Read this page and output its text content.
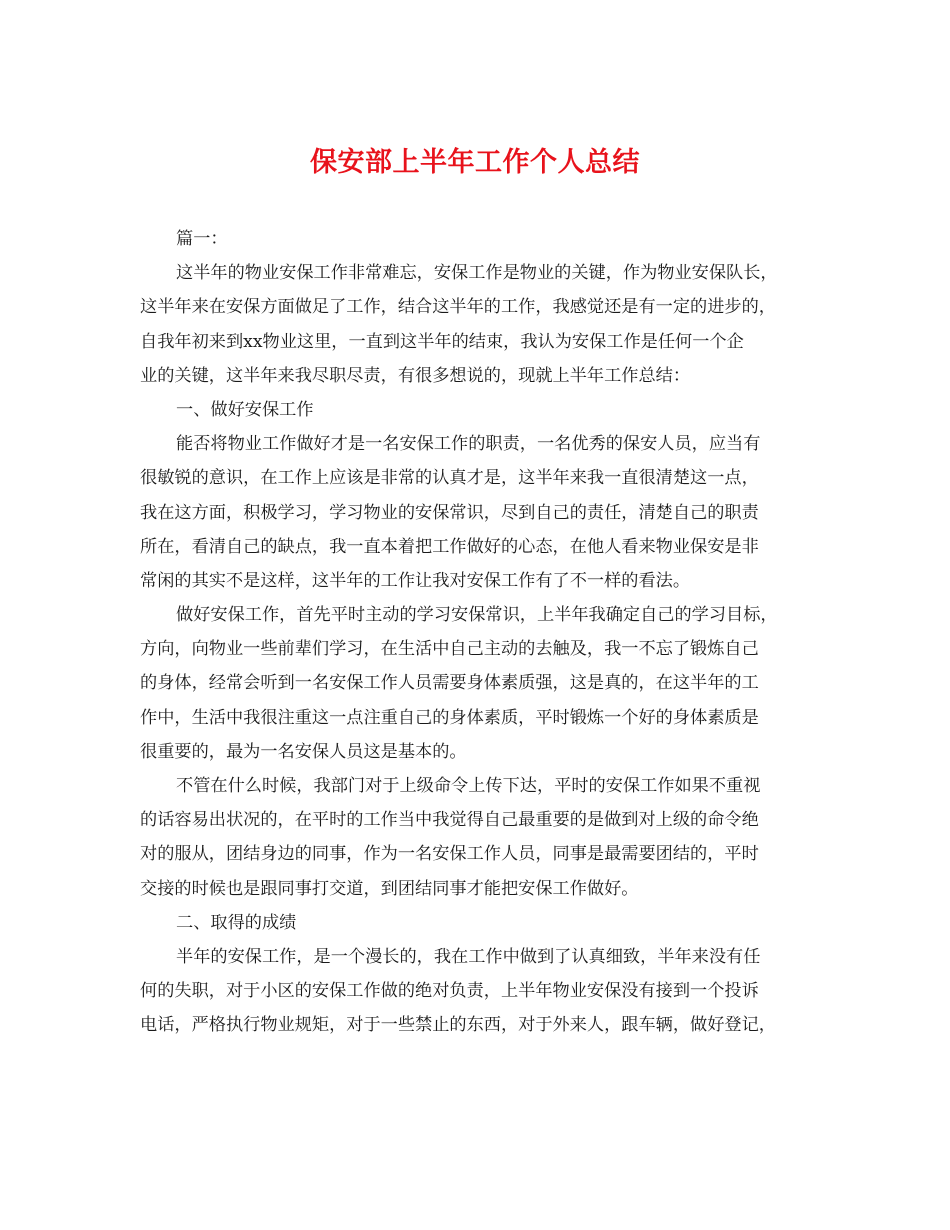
保安部上半年工作个人总结
篇一：
这半年的物业安保工作非常难忘，安保工作是物业的关键，作为物业安保队长，
这半年来在安保方面做足了工作，结合这半年的工作，我感觉还是有一定的进步的，
自我年初来到xx物业这里，一直到这半年的结束，我认为安保工作是任何一个企
业的关键，这半年来我尽职尽责，有很多想说的，现就上半年工作总结：
一、做好安保工作
能否将物业工作做好才是一名安保工作的职责，一名优秀的保安人员，应当有
很敏锐的意识，在工作上应该是非常的认真才是，这半年来我一直很清楚这一点，
我在这方面，积极学习，学习物业的安保常识，尽到自己的责任，清楚自己的职责
所在，看清自己的缺点，我一直本着把工作做好的心态，在他人看来物业保安是非
常闲的其实不是这样，这半年的工作让我对安保工作有了不一样的看法。
做好安保工作，首先平时主动的学习安保常识，上半年我确定自己的学习目标，
方向，向物业一些前辈们学习，在生活中自己主动的去触及，我一不忘了锻炼自己
的身体，经常会听到一名安保工作人员需要身体素质强，这是真的，在这半年的工
作中，生活中我很注重这一点注重自己的身体素质，平时锻炼一个好的身体素质是
很重要的，最为一名安保人员这是基本的。
不管在什么时候，我部门对于上级命令上传下达，平时的安保工作如果不重视
的话容易出状况的，在平时的工作当中我觉得自己最重要的是做到对上级的命令绝
对的服从，团结身边的同事，作为一名安保工作人员，同事是最需要团结的，平时
交接的时候也是跟同事打交道，到团结同事才能把安保工作做好。
二、取得的成绩
半年的安保工作，是一个漫长的，我在工作中做到了认真细致，半年来没有任
何的失职，对于小区的安保工作做的绝对负责，上半年物业安保没有接到一个投诉
电话，严格执行物业规矩，对于一些禁止的东西，对于外来人，跟车辆，做好登记，
